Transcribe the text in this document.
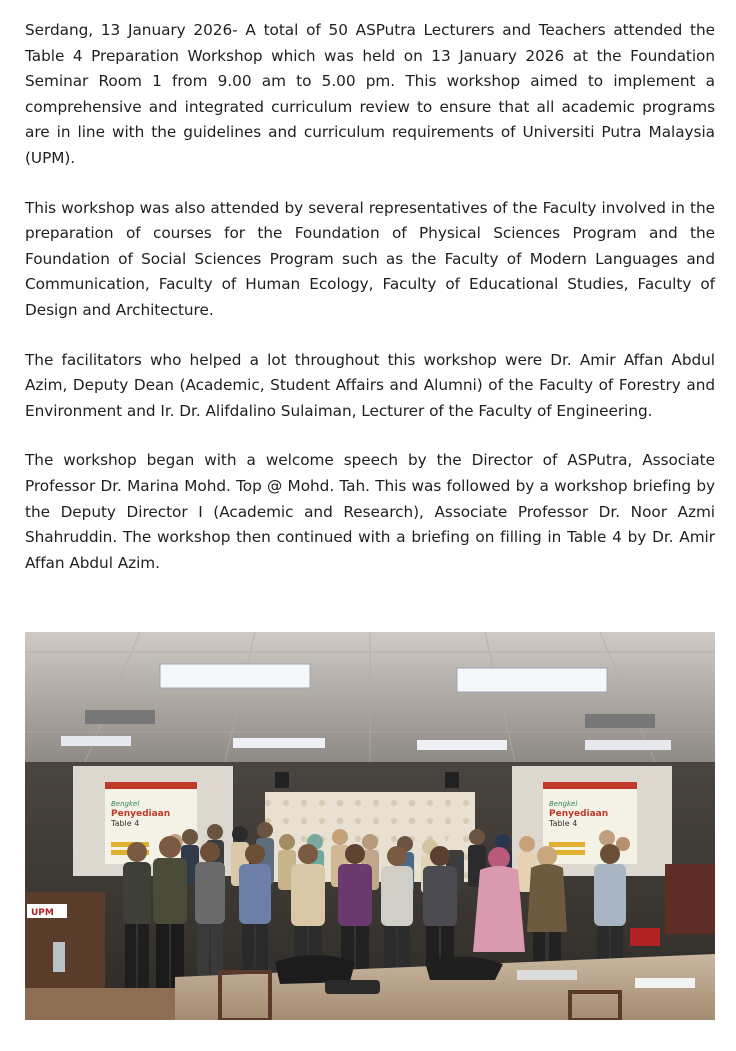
Serdang, 13 January 2026- A total of 50 ASPutra Lecturers and Teachers attended the Table 4 Preparation Workshop which was held on 13 January 2026 at the Foundation Seminar Room 1 from 9.00 am to 5.00 pm. This workshop aimed to implement a comprehensive and integrated curriculum review to ensure that all academic programs are in line with the guidelines and curriculum requirements of Universiti Putra Malaysia (UPM).

This workshop was also attended by several representatives of the Faculty involved in the preparation of courses for the Foundation of Physical Sciences Program and the Foundation of Social Sciences Program such as the Faculty of Modern Languages and Communication, Faculty of Human Ecology, Faculty of Educational Studies, Faculty of Design and Architecture.

The facilitators who helped a lot throughout this workshop were Dr. Amir Affan Abdul Azim, Deputy Dean (Academic, Student Affairs and Alumni) of the Faculty of Forestry and Environment and Ir. Dr. Alifdalino Sulaiman, Lecturer of the Faculty of Engineering.

The workshop began with a welcome speech by the Director of ASPutra, Associate Professor Dr. Marina Mohd. Top @ Mohd. Tah. This was followed by a workshop briefing by the Deputy Director I (Academic and Research), Associate Professor Dr. Noor Azmi Shahruddin. The workshop then continued with a briefing on filling in Table 4 by Dr. Amir Affan Abdul Azim.

Bengkel
Penyediaan
Table 4
Bengkel
Penyediaan
Table 4
UPM
